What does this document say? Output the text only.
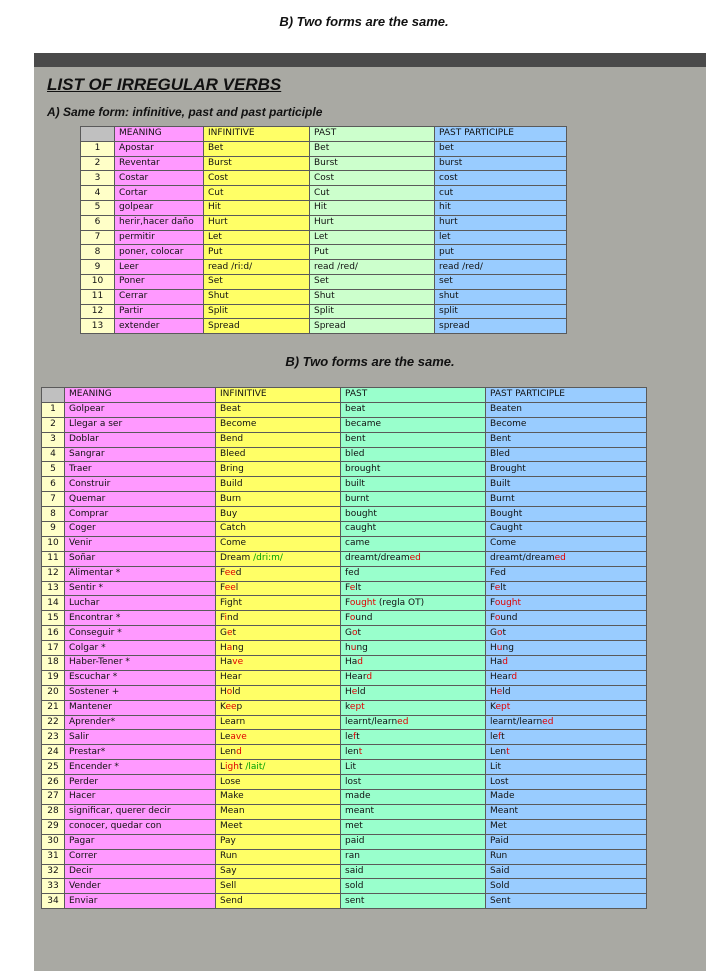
B) Two forms are the same.
LIST OF IRREGULAR VERBS
A) Same form: infinitive, past and past participle
	MEANING	INFINITIVE	PAST	PAST PARTICIPLE
1	Apostar	Bet	Bet	bet
2	Reventar	Burst	Burst	burst
3	Costar	Cost	Cost	cost
4	Cortar	Cut	Cut	cut
5	golpear	Hit	Hit	hit
6	herir,hacer daño	Hurt	Hurt	hurt
7	permitir	Let	Let	let
8	poner, colocar	Put	Put	put
9	Leer	read /ri:d/	read /red/	read /red/
10	Poner	Set	Set	set
11	Cerrar	Shut	Shut	shut
12	Partir	Split	Split	split
13	extender	Spread	Spread	spread
B) Two forms are the same.
	MEANING	INFINITIVE	PAST	PAST PARTICIPLE
1	Golpear	Beat	beat	Beaten
2	Llegar a ser	Become	became	Become
3	Doblar	Bend	bent	Bent
4	Sangrar	Bleed	bled	Bled
5	Traer	Bring	brought	Brought
6	Construir	Build	built	Built
7	Quemar	Burn	burnt	Burnt
8	Comprar	Buy	bought	Bought
9	Coger	Catch	caught	Caught
10	Venir	Come	came	Come
11	Soñar	Dream /dri:m/	dreamt/dreamed	dreamt/dreamed
12	Alimentar *	Feed	fed	Fed
13	Sentir *	Feel	Felt	Felt
14	Luchar	Fight	Fought (regla OT)	Fought
15	Encontrar *	Find	Found	Found
16	Conseguir *	Get	Got	Got
17	Colgar *	Hang	hung	Hung
18	Haber-Tener *	Have	Had	Had
19	Escuchar *	Hear	Heard	Heard
20	Sostener +	Hold	Held	Held
21	Mantener	Keep	kept	Kept
22	Aprender*	Learn	learnt/learned	learnt/learned
23	Salir	Leave	left	left
24	Prestar*	Lend	lent	Lent
25	Encender *	Light /lait/	Lit	Lit
26	Perder	Lose	lost	Lost
27	Hacer	Make	made	Made
28	significar, querer decir	Mean	meant	Meant
29	conocer, quedar con	Meet	met	Met
30	Pagar	Pay	paid	Paid
31	Correr	Run	ran	Run
32	Decir	Say	said	Said
33	Vender	Sell	sold	Sold
34	Enviar	Send	sent	Sent
